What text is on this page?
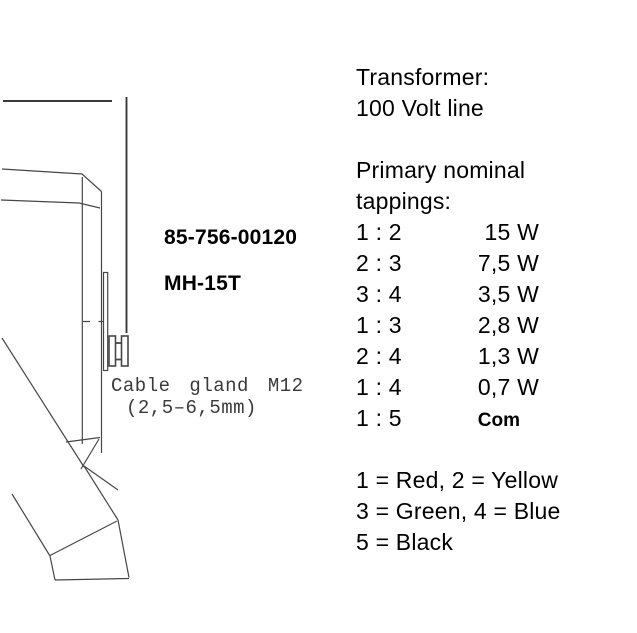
85-756-00120
MH-15T
Cable gland M12
(2,5–6,5mm)
Transformer:
100 Volt line
Primary nominal
tappings:
1 : 2	15 W
2 : 3	7,5 W
3 : 4	3,5 W
1 : 3	2,8 W
2 : 4	1,3 W
1 : 4	0,7 W
1 : 5	Com
1 = Red, 2 = Yellow
3 = Green, 4 = Blue
5 = Black
